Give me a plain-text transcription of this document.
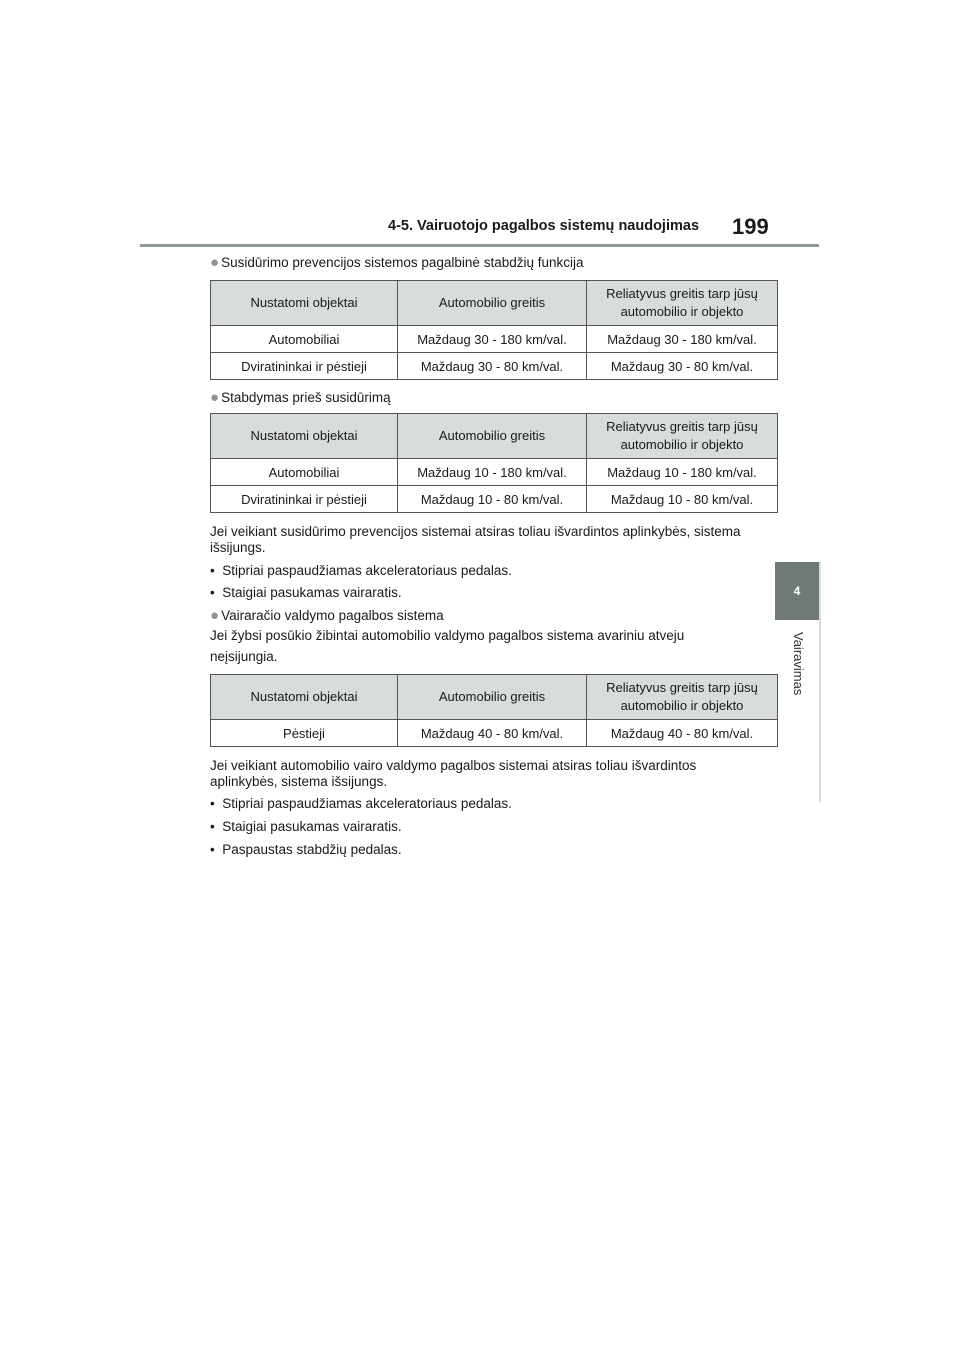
4-5. Vairuotojo pagalbos sistemų naudojimas 199
4
Vairavimas
● Susidūrimo prevencijos sistemos pagalbinė stabdžių funkcija
Nustatomi objektai	Automobilio greitis	Reliatyvus greitis tarp jūsų automobilio ir objekto
Automobiliai	Maždaug 30 - 180 km/val.	Maždaug 30 - 180 km/val.
Dviratininkai ir pėstieji	Maždaug 30 - 80 km/val.	Maždaug 30 - 80 km/val.
● Stabdymas prieš susidūrimą
Nustatomi objektai	Automobilio greitis	Reliatyvus greitis tarp jūsų automobilio ir objekto
Automobiliai	Maždaug 10 - 180 km/val.	Maždaug 10 - 180 km/val.
Dviratininkai ir pėstieji	Maždaug 10 - 80 km/val.	Maždaug 10 - 80 km/val.
Jei veikiant susidūrimo prevencijos sistemai atsiras toliau išvardintos aplinkybės, sistema išsijungs.
•  Stipriai paspaudžiamas akceleratoriaus pedalas.
•  Staigiai pasukamas vairaratis.
● Vairaračio valdymo pagalbos sistema
Jei žybsi posūkio žibintai automobilio valdymo pagalbos sistema avariniu atveju
neįsijungia.
Nustatomi objektai	Automobilio greitis	Reliatyvus greitis tarp jūsų automobilio ir objekto
Pėstieji	Maždaug 40 - 80 km/val.	Maždaug 40 - 80 km/val.
Jei veikiant automobilio vairo valdymo pagalbos sistemai atsiras toliau išvardintos aplinkybės, sistema išsijungs.
•  Stipriai paspaudžiamas akceleratoriaus pedalas.
•  Staigiai pasukamas vairaratis.
•  Paspaustas stabdžių pedalas.
